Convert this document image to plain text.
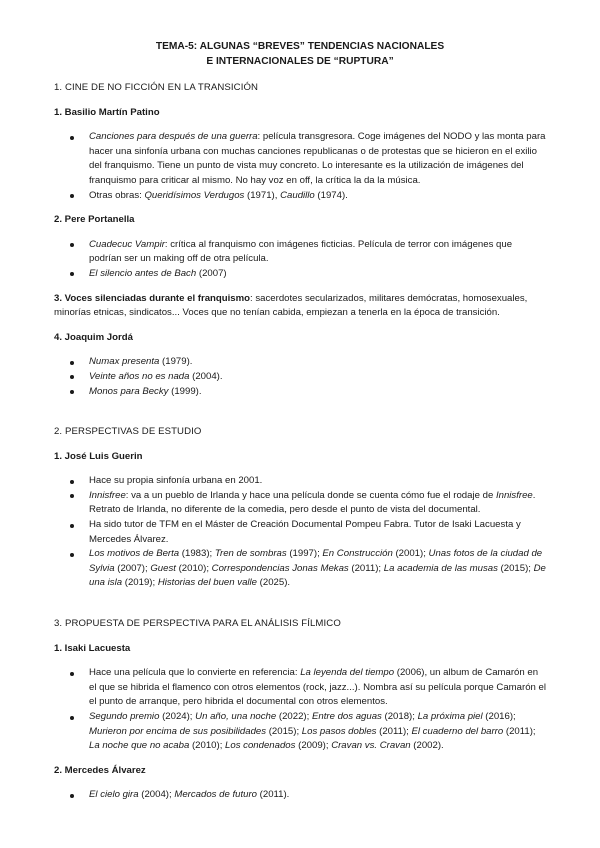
TEMA-5: ALGUNAS “BREVES” TENDENCIAS NACIONALES
E INTERNACIONALES DE “RUPTURA”
1. CINE DE NO FICCIÓN EN LA TRANSICIÓN
1. Basilio Martín Patino
Canciones para después de una guerra: película transgresora. Coge imágenes del NODO y las monta para hacer una sinfonía urbana con muchas canciones republicanas o de protestas que se hicieron en el exilio del franquismo. Tiene un punto de vista muy concreto. Lo interesante es la utilización de imágenes del franquismo para criticar al mismo. No hay voz en off, la crítica la da la música.
Otras obras: Queridísimos Verdugos (1971), Caudillo (1974).
2. Pere Portanella
Cuadecuc Vampir: crítica al franquismo con imágenes ficticias. Película de terror con imágenes que podrían ser un making off de otra película.
El silencio antes de Bach (2007)

3. Voces silenciadas durante el franquismo: sacerdotes secularizados, militares demócratas, homosexuales, minorías etnicas, sindicatos... Voces que no tenían cabida, empiezan a tenerla en la época de transición.

4. Joaquim Jordá
Numax presenta (1979).
Veinte años no es nada (2004).
Monos para Becky (1999).
2. PERSPECTIVAS DE ESTUDIO
1. José Luis Guerin
Hace su propia sinfonía urbana en 2001.
Innisfree: va a un pueblo de Irlanda y hace una película donde se cuenta cómo fue el rodaje de Innisfree. Retrato de Irlanda, no diferente de la comedia, pero desde el punto de vista del documental.
Ha sido tutor de TFM en el Máster de Creación Documental Pompeu Fabra. Tutor de Isaki Lacuesta y Mercedes Álvarez.
Los motivos de Berta (1983); Tren de sombras (1997); En Construcción (2001); Unas fotos de la ciudad de Sylvia (2007); Guest (2010); Correspondencias Jonas Mekas (2011); La academia de las musas (2015); De una isla (2019); Historias del buen valle (2025).
3. PROPUESTA DE PERSPECTIVA PARA EL ANÁLISIS FÍLMICO
1. Isaki Lacuesta
Hace una película que lo convierte en referencia: La leyenda del tiempo (2006), un album de Camarón en el que se hibrida el flamenco con otros elementos (rock, jazz...). Nombra así su película porque Camarón el el punto de arranque, pero hibrida el documental con otros elementos.
Segundo premio (2024); Un año, una noche (2022); Entre dos aguas (2018); La próxima piel (2016); Murieron por encima de sus posibilidades (2015); Los pasos dobles (2011); El cuaderno del barro (2011); La noche que no acaba (2010); Los condenados (2009); Cravan vs. Cravan (2002).
2. Mercedes Álvarez
El cielo gira (2004); Mercados de futuro (2011).
